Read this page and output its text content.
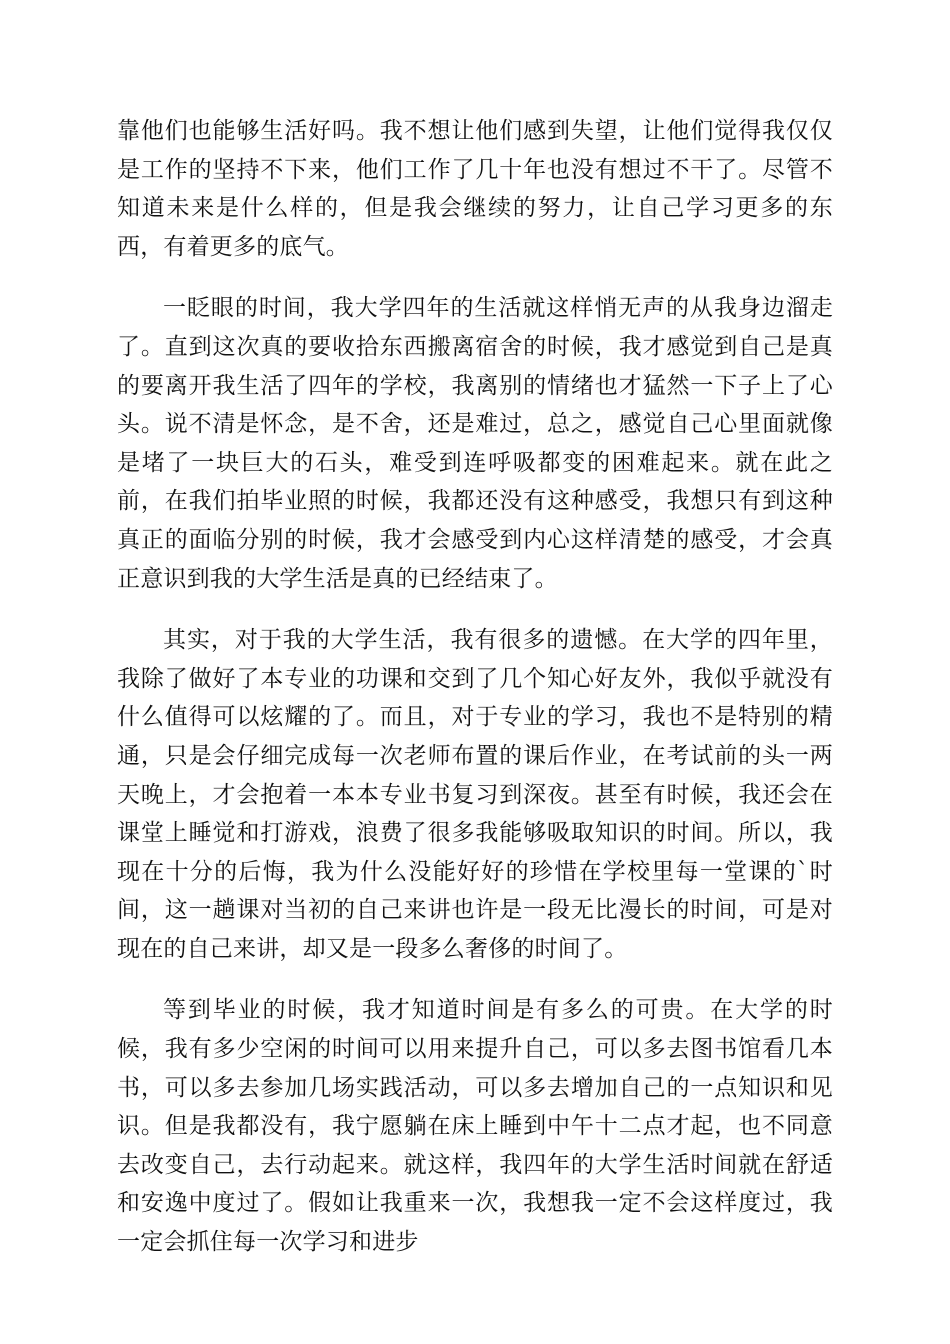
靠他们也能够生活好吗。我不想让他们感到失望，让他们觉得我仅仅是工作的坚持不下来，他们工作了几十年也没有想过不干了。尽管不知道未来是什么样的，但是我会继续的努力，让自己学习更多的东西，有着更多的底气。

一眨眼的时间，我大学四年的生活就这样悄无声的从我身边溜走了。直到这次真的要收拾东西搬离宿舍的时候，我才感觉到自己是真的要离开我生活了四年的学校，我离别的情绪也才猛然一下子上了心头。说不清是怀念，是不舍，还是难过，总之，感觉自己心里面就像是堵了一块巨大的石头，难受到连呼吸都变的困难起来。就在此之前，在我们拍毕业照的时候，我都还没有这种感受，我想只有到这种真正的面临分别的时候，我才会感受到内心这样清楚的感受，才会真正意识到我的大学生活是真的已经结束了。

其实，对于我的大学生活，我有很多的遗憾。在大学的四年里，我除了做好了本专业的功课和交到了几个知心好友外，我似乎就没有什么值得可以炫耀的了。而且，对于专业的学习，我也不是特别的精通，只是会仔细完成每一次老师布置的课后作业，在考试前的头一两天晚上，才会抱着一本本专业书复习到深夜。甚至有时候，我还会在课堂上睡觉和打游戏，浪费了很多我能够吸取知识的时间。所以，我现在十分的后悔，我为什么没能好好的珍惜在学校里每一堂课的`时间，这一趟课对当初的自己来讲也许是一段无比漫长的时间，可是对现在的自己来讲，却又是一段多么奢侈的时间了。

等到毕业的时候，我才知道时间是有多么的可贵。在大学的时候，我有多少空闲的时间可以用来提升自己，可以多去图书馆看几本书，可以多去参加几场实践活动，可以多去增加自己的一点知识和见识。但是我都没有，我宁愿躺在床上睡到中午十二点才起，也不同意去改变自己，去行动起来。就这样，我四年的大学生活时间就在舒适和安逸中度过了。假如让我重来一次，我想我一定不会这样度过，我一定会抓住每一次学习和进步
